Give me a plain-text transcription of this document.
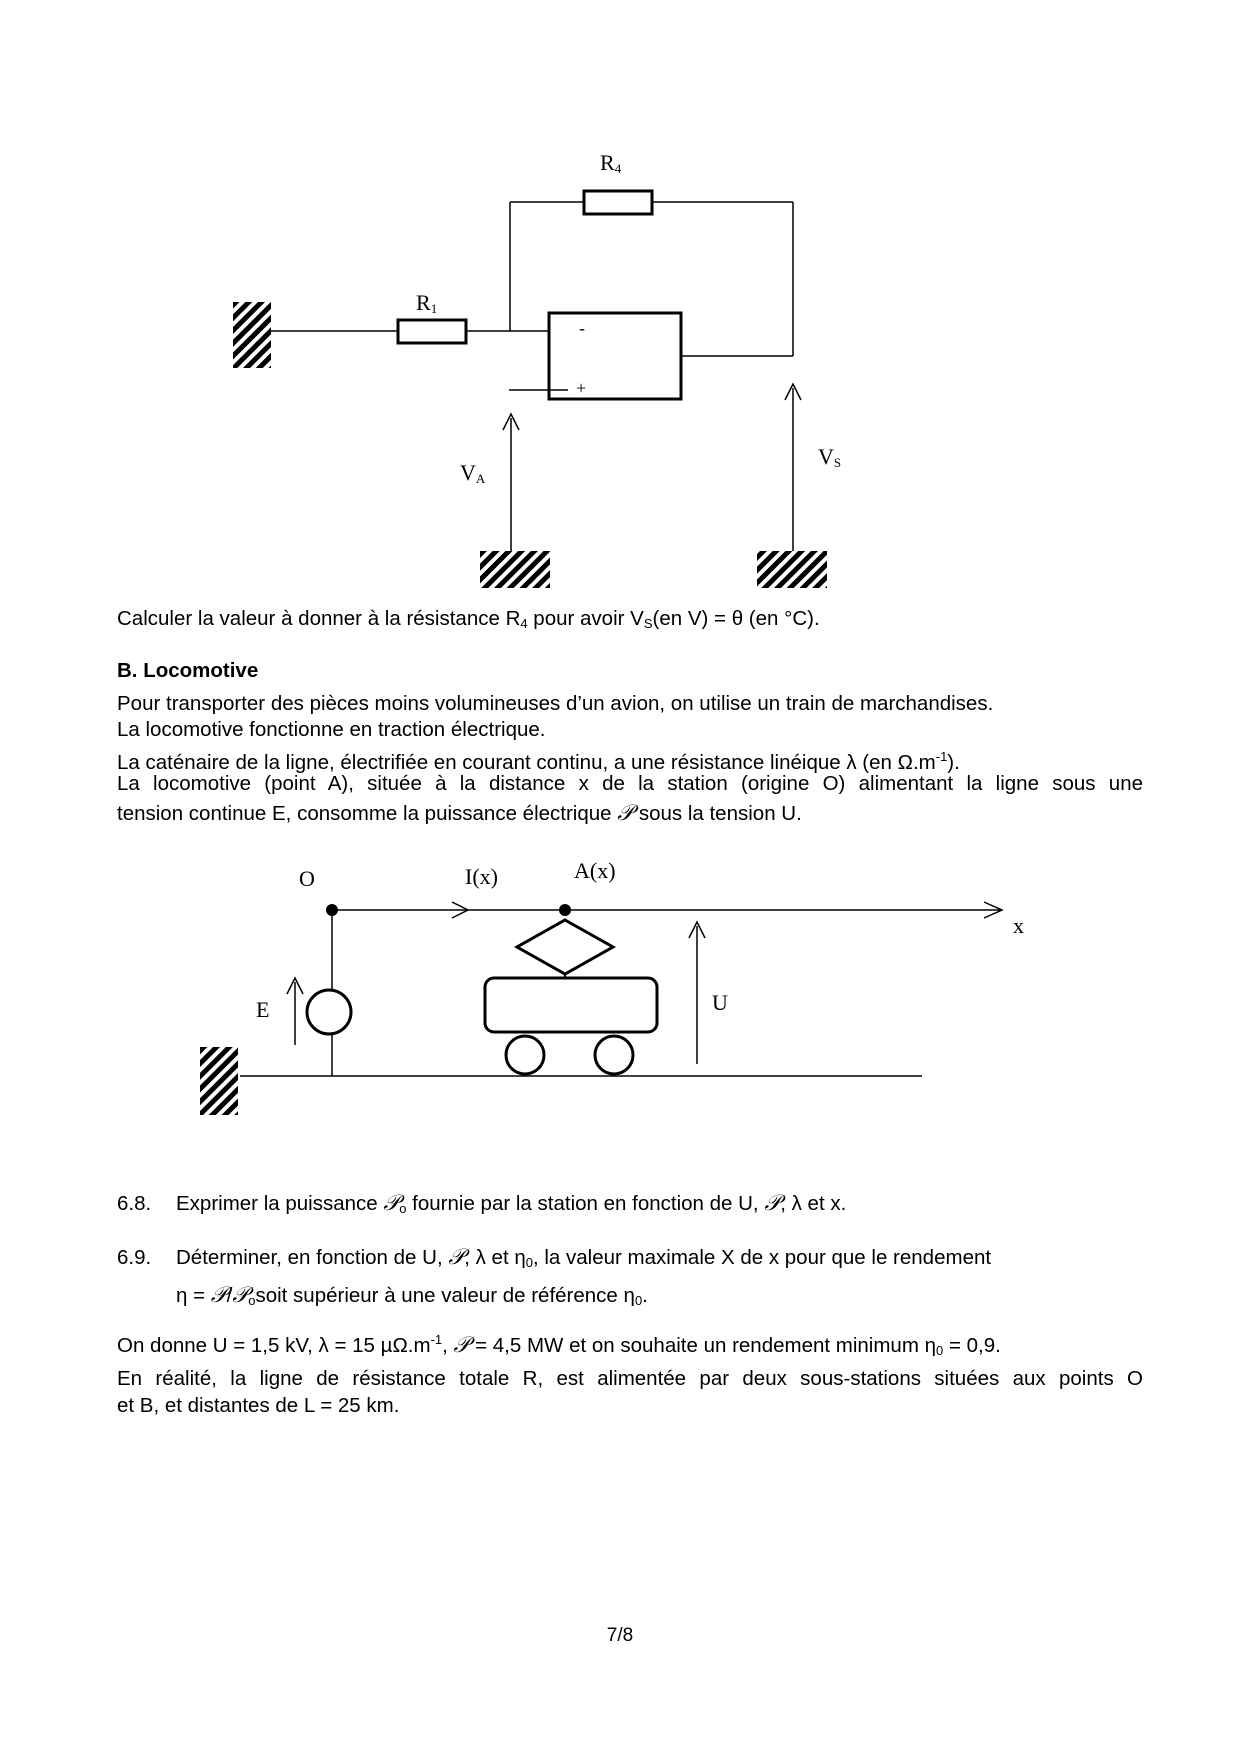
$R_4$
$R_1$
-
+
$V_A$
$V_S$
Calculer la valeur à donner à la résistance $R_4$ pour avoir $V_S(en$ V) = θ (en °C).
B. Locomotive
Pour transporter des pièces moins volumineuses d’un avion, on utilise un train de marchandises.
La locomotive fonctionne en traction électrique.
La caténaire de la ligne, électrifiée en courant continu, a une résistance linéique λ (en $\Omega.m^{-1}$).
La locomotive (point A), située à la distance x de la station (origine O) alimentant la ligne sous une
tension continue E, consomme la puissance électrique 𝒫 sous la tension U.
O	I(x)	A(x)
x
E	U
6.8. Exprimer la puissance 𝒫$_o$ fournie par la station en fonction de U, 𝒫, λ et x.
6.9. Déterminer, en fonction de U, 𝒫, λ et $\eta_0$, la valeur maximale X de x pour que le rendement
η = 𝒫/𝒫$_o$soit supérieur à une valeur de référence $\eta_0$.
On donne U = 1,5 kV, λ = 15 $\mu\Omega.m^{-1}$, 𝒫 = 4,5 MW et on souhaite un rendement minimum $\eta_0 = 0,9$.
En réalité, la ligne de résistance totale R, est alimentée par deux sous-stations situées aux points O
et B, et distantes de L = 25 km.
7/8
